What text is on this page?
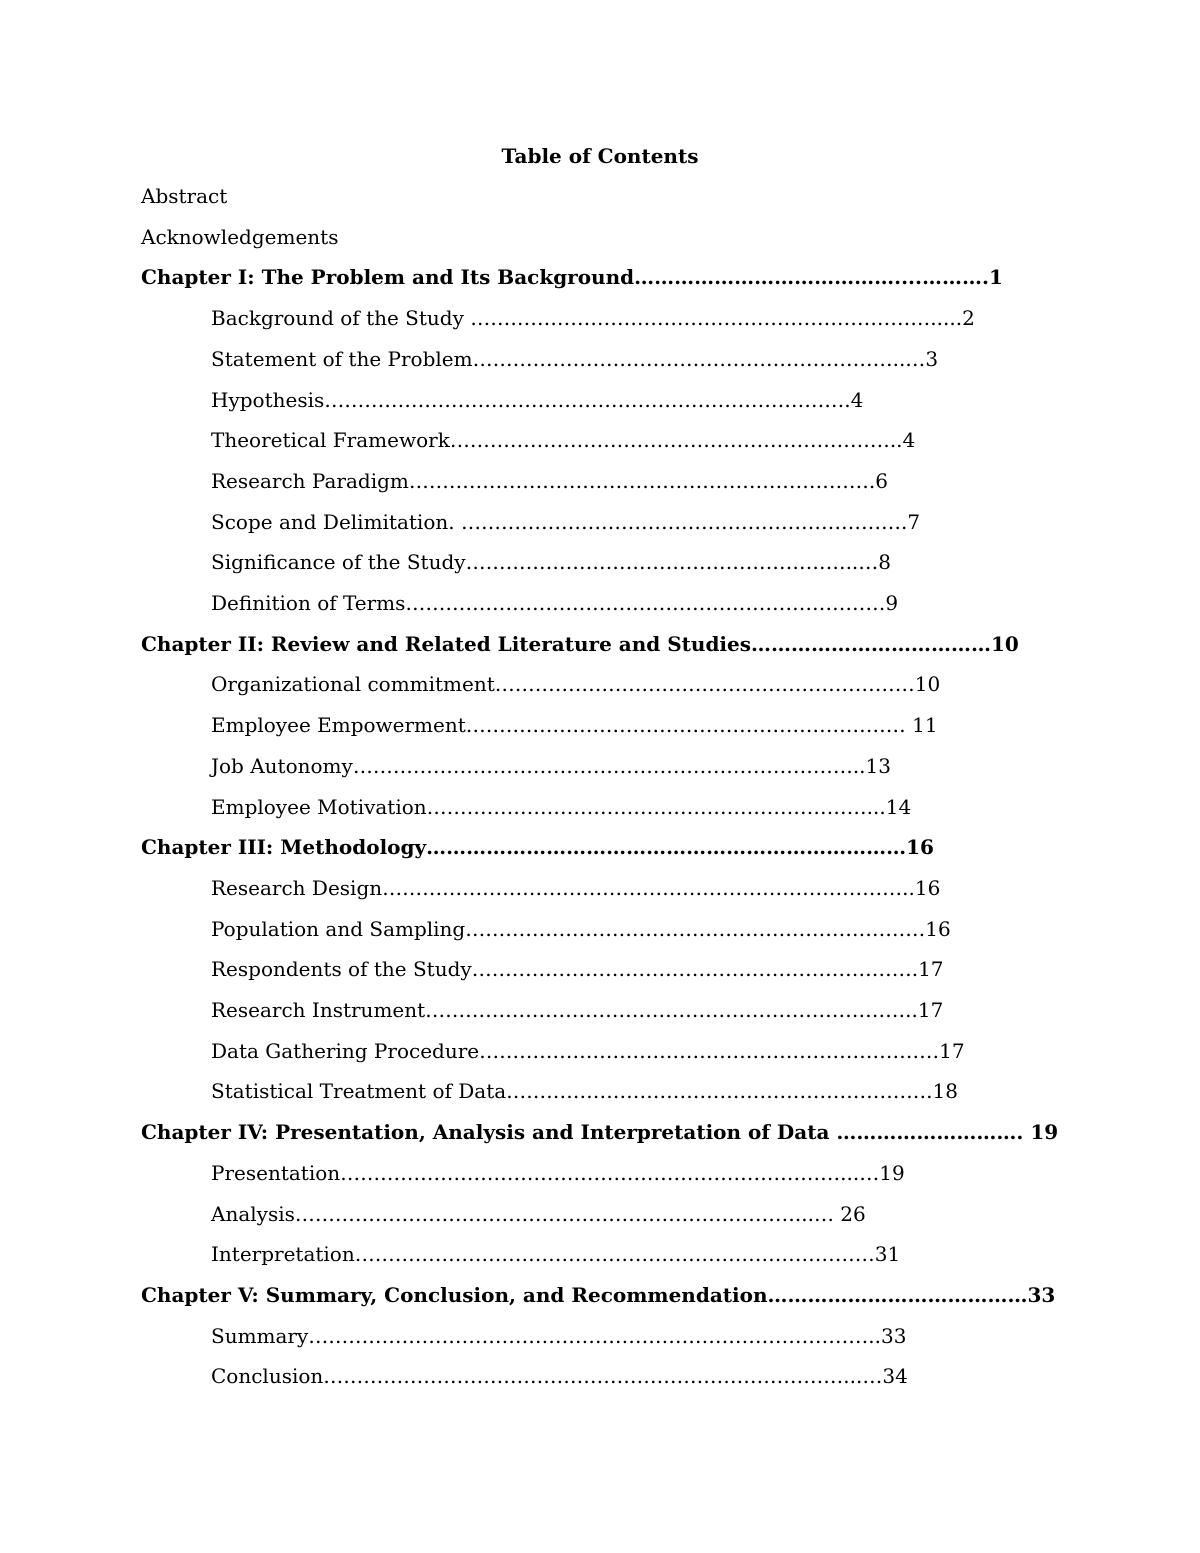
Table of Contents
Abstract
Acknowledgements
Chapter I: The Problem and Its Background…………………………………....……….1
Background of the Study …………………………………………………………….....2
Statement of the Problem………………………………………………………..…3
Hypothesis…………………………………………………………………….4
Theoretical Framework…………………………………………………………..4
Research Paradigm…………………………………………………………….6
Scope and Delimitation. ………………………………………………………….7
Significance of the Study…………………………………………………..…8
Definition of Terms………………………………………………………………9
Chapter II: Review and Related Literature and Studies………………………………10
Organizational commitment………………………………………………………10
Employee Empowerment………………………………………………………… 11
Job Autonomy…………………………………………………………………..13
Employee Motivation…………………………………………………………...14
Chapter III: Methodology………………………………………………………………16
Research Design……………………………………………………………………..16
Population and Sampling……………………………………………………………16
Respondents of the Study………………………………………………………….17
Research Instrument………………………………………………………………..17
Data Gathering Procedure……………………………………………………………17
Statistical Treatment of Data……………………………………………………….18
Chapter IV: Presentation, Analysis and Interpretation of Data ………………………. 19
Presentation…………………………………………………………………...…19
Analysis…………………………………………………………………...… 26
Interpretation……………………………………………………………………31
Chapter V: Summary, Conclusion, and Recommendation…………………………………33
Summary…………………………………………………………………………..33
Conclusion……………………………………………………………………...…34
